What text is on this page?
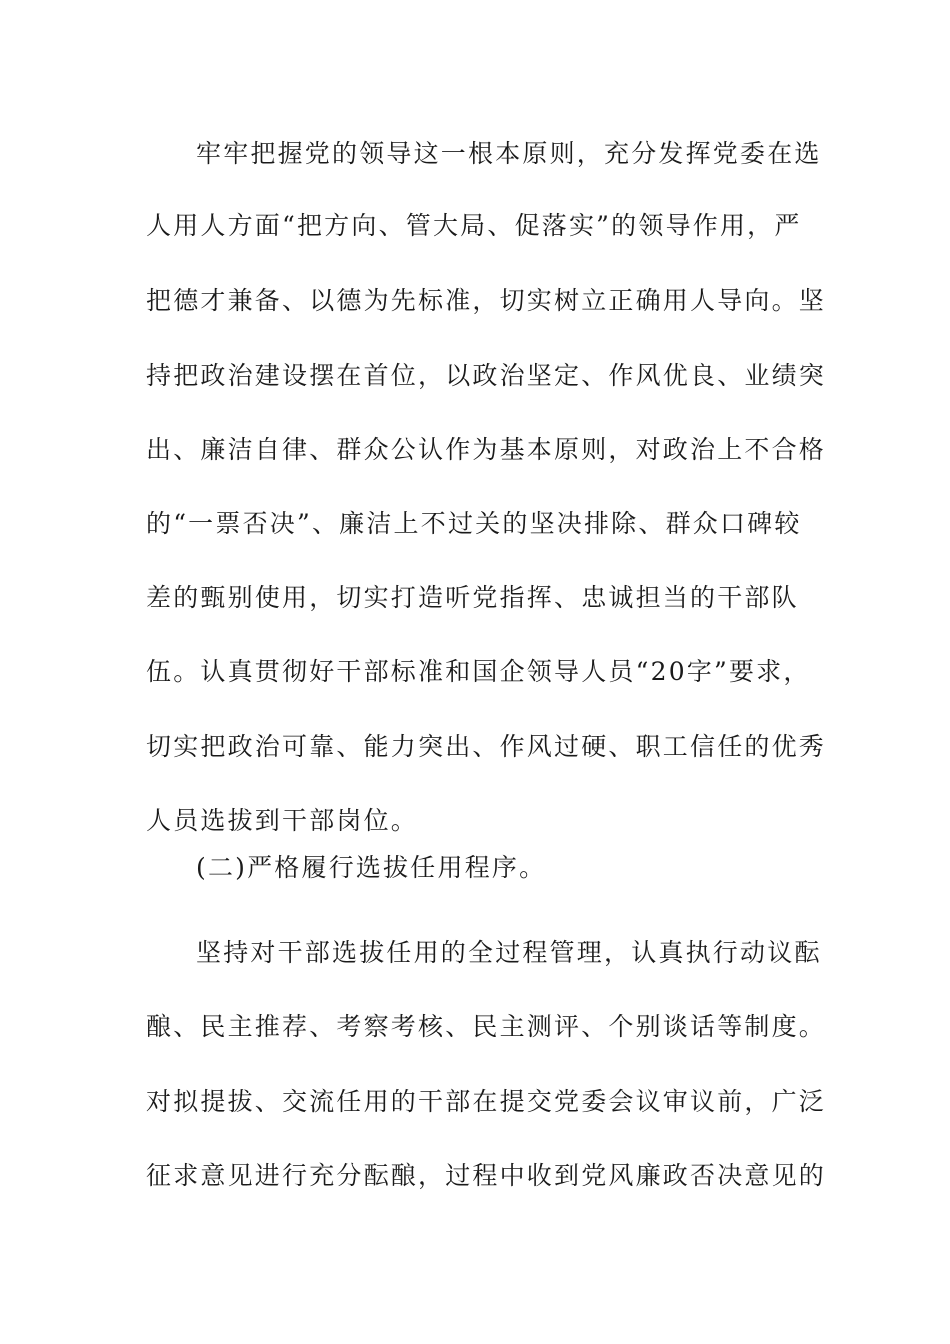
牢牢把握党的领导这一根本原则，充分发挥党委在选
人用人方面“把方向、管大局、促落实”的领导作用，严
把德才兼备、以德为先标准，切实树立正确用人导向。坚
持把政治建设摆在首位，以政治坚定、作风优良、业绩突
出、廉洁自律、群众公认作为基本原则，对政治上不合格
的“一票否决”、廉洁上不过关的坚决排除、群众口碑较
差的甄别使用，切实打造听党指挥、忠诚担当的干部队
伍。认真贯彻好干部标准和国企领导人员“20字”要求，
切实把政治可靠、能力突出、作风过硬、职工信任的优秀
人员选拔到干部岗位。
(二)严格履行选拔任用程序。
坚持对干部选拔任用的全过程管理，认真执行动议酝
酿、民主推荐、考察考核、民主测评、个别谈话等制度。
对拟提拔、交流任用的干部在提交党委会议审议前，广泛
征求意见进行充分酝酿，过程中收到党风廉政否决意见的
